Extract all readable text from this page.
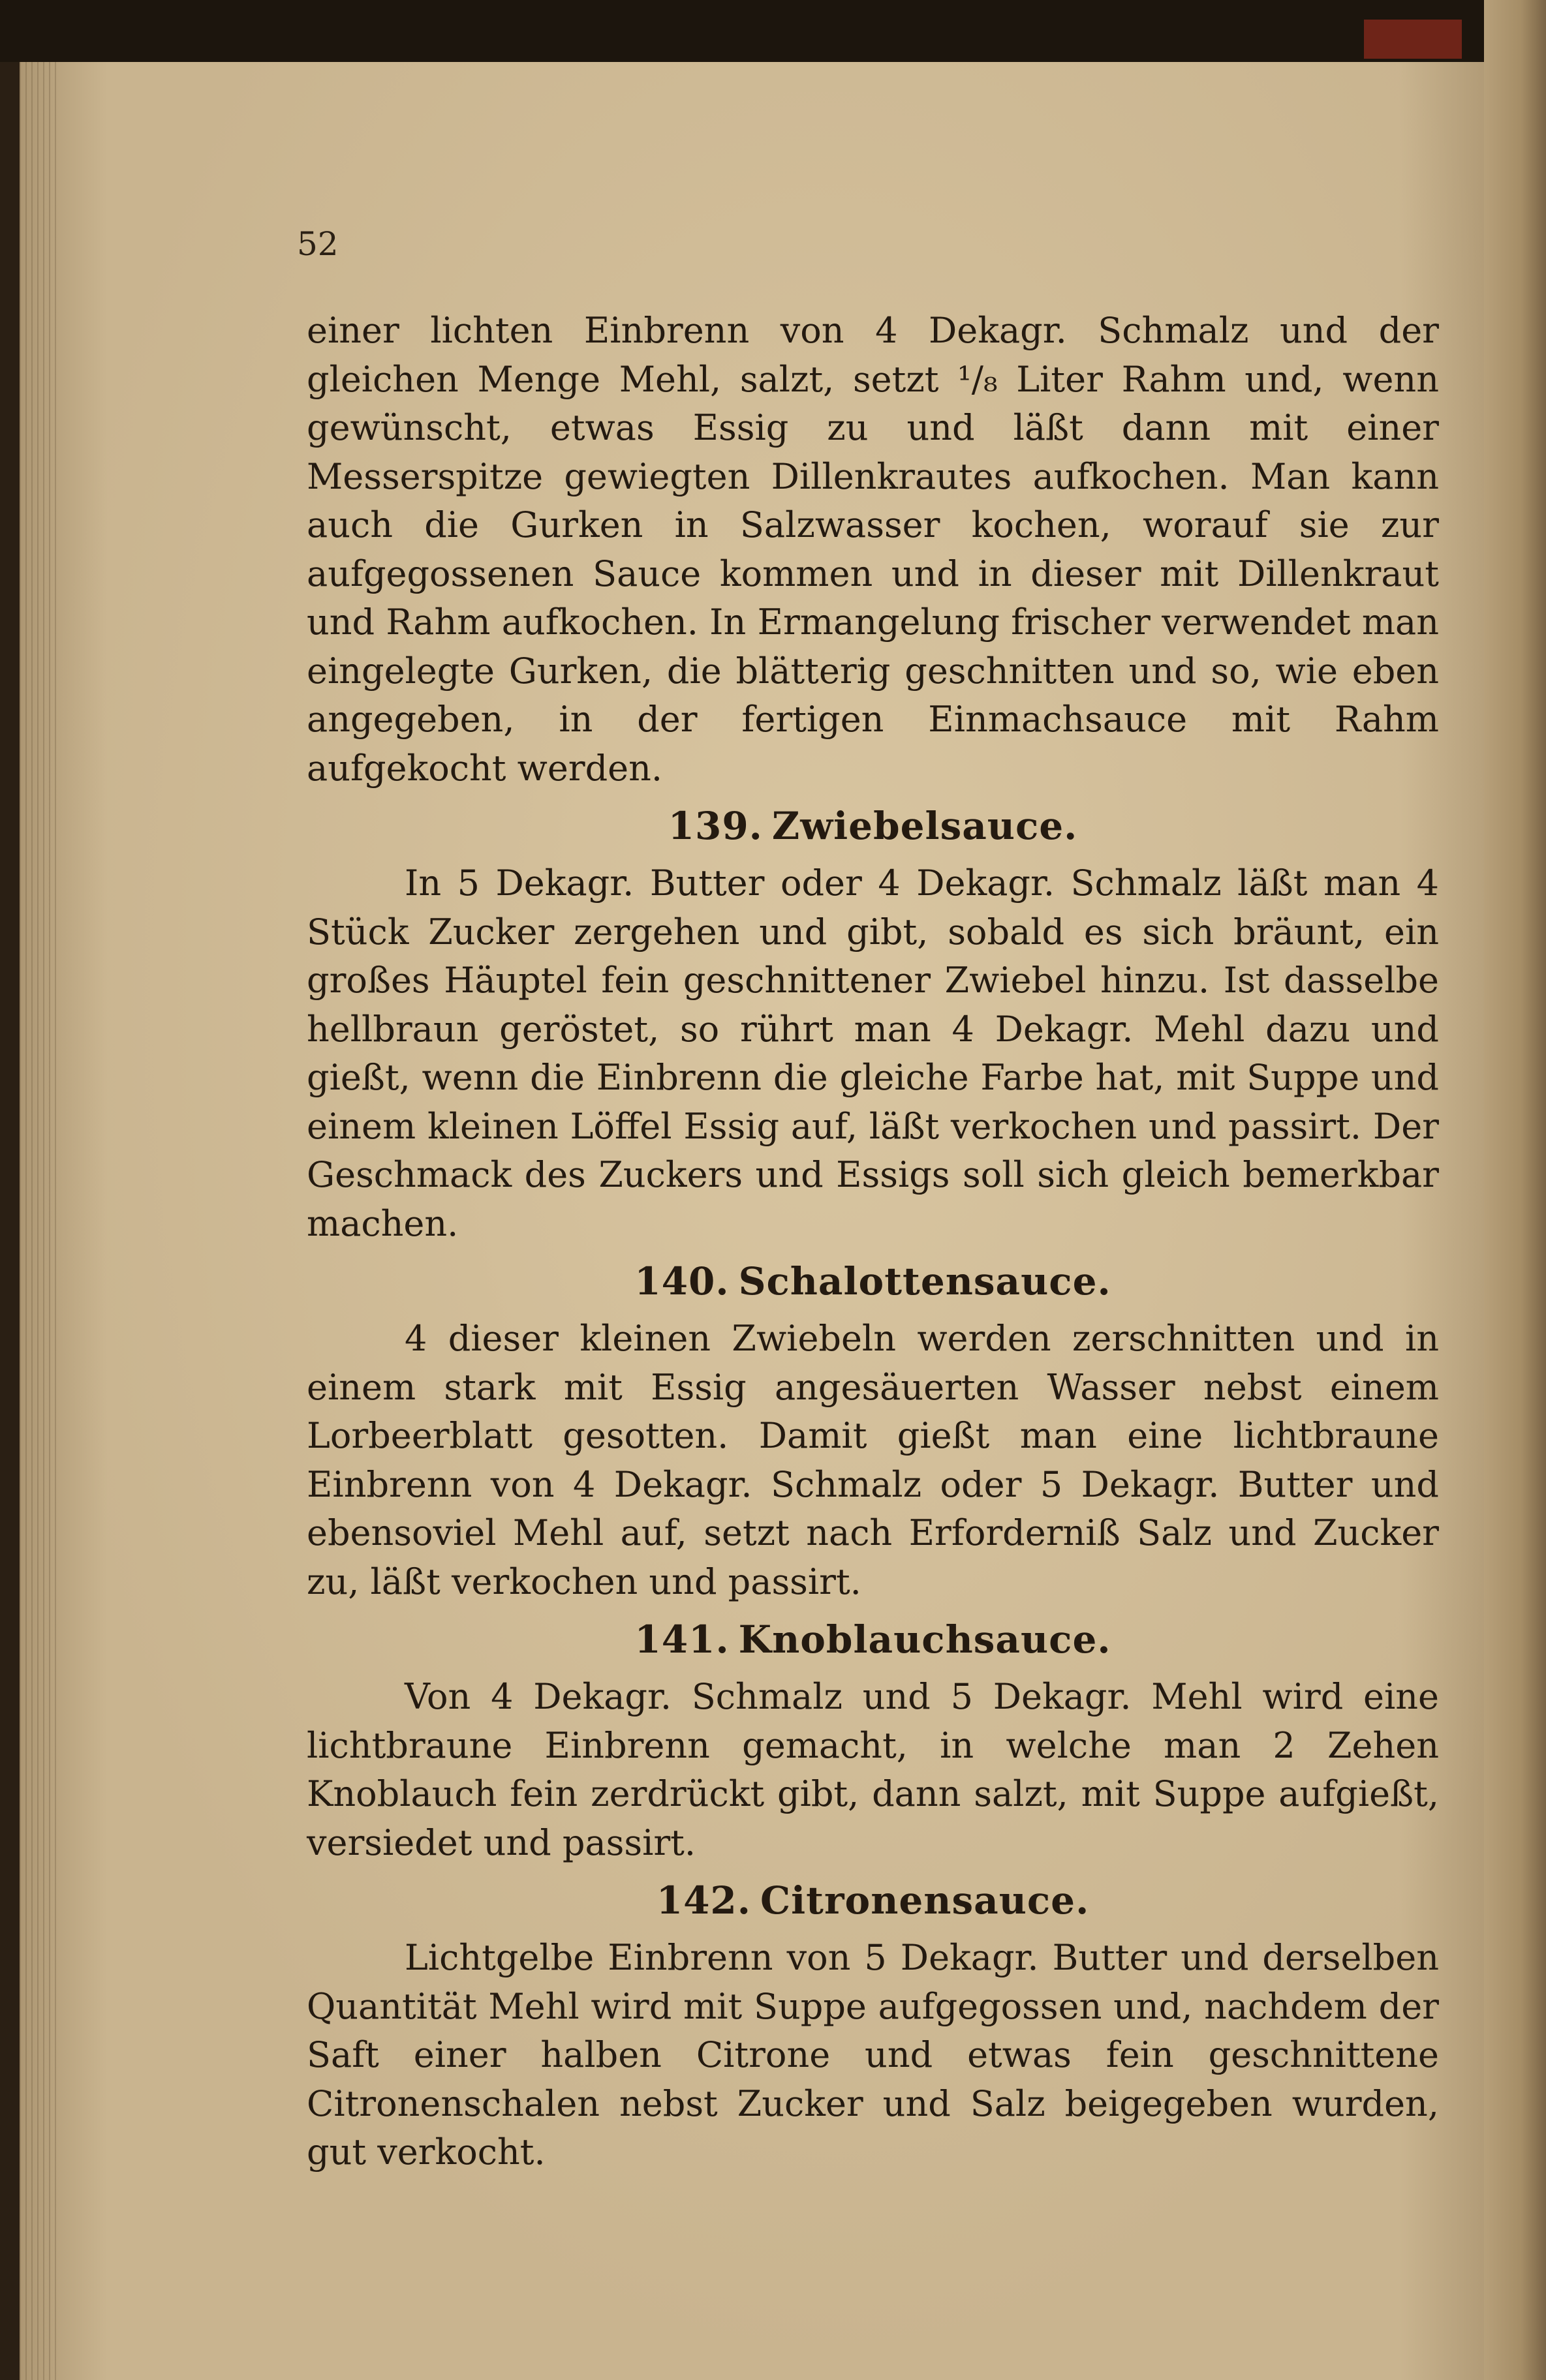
52

einer lichten Einbrenn von 4 Dekagr. Schmalz und der gleichen Menge Mehl, salzt, setzt ¹/₈ Liter Rahm und, wenn gewünscht, etwas Essig zu und läßt dann mit einer Messerspitze gewiegten Dillenkrautes aufkochen. Man kann auch die Gurken in Salzwasser kochen, worauf sie zur aufgegossenen Sauce kommen und in dieser mit Dillenkraut und Rahm aufkochen. In Ermangelung frischer verwendet man eingelegte Gurken, die blätterig geschnitten und so, wie eben angegeben, in der fertigen Einmachsauce mit Rahm aufgekocht werden.

139. Zwiebelsauce.

In 5 Dekagr. Butter oder 4 Dekagr. Schmalz läßt man 4 Stück Zucker zergehen und gibt, sobald es sich bräunt, ein großes Häuptel fein geschnittener Zwiebel hinzu. Ist dasselbe hellbraun geröstet, so rührt man 4 Dekagr. Mehl dazu und gießt, wenn die Einbrenn die gleiche Farbe hat, mit Suppe und einem kleinen Löffel Essig auf, läßt verkochen und passirt. Der Geschmack des Zuckers und Essigs soll sich gleich bemerkbar machen.

140. Schalottensauce.

4 dieser kleinen Zwiebeln werden zerschnitten und in einem stark mit Essig angesäuerten Wasser nebst einem Lorbeerblatt gesotten. Damit gießt man eine lichtbraune Einbrenn von 4 Dekagr. Schmalz oder 5 Dekagr. Butter und ebensoviel Mehl auf, setzt nach Erforderniß Salz und Zucker zu, läßt verkochen und passirt.

141. Knoblauchsauce.

Von 4 Dekagr. Schmalz und 5 Dekagr. Mehl wird eine lichtbraune Einbrenn gemacht, in welche man 2 Zehen Knoblauch fein zerdrückt gibt, dann salzt, mit Suppe aufgießt, versiedet und passirt.

142. Citronensauce.

Lichtgelbe Einbrenn von 5 Dekagr. Butter und derselben Quantität Mehl wird mit Suppe aufgegossen und, nachdem der Saft einer halben Citrone und etwas fein geschnittene Citronenschalen nebst Zucker und Salz beigegeben wurden, gut verkocht.
